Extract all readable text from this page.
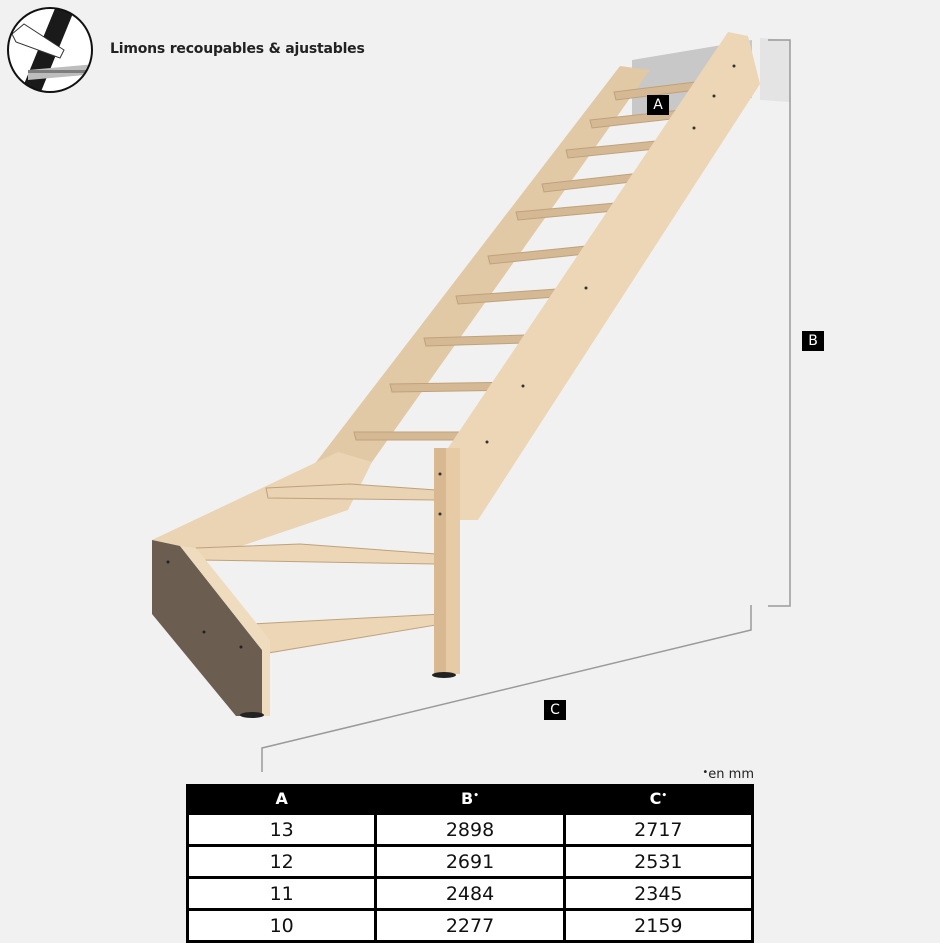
Limons recoupables & ajustables
A
B
C
•en mm
A	B•	C•
13	2898	2717
12	2691	2531
11	2484	2345
10	2277	2159
